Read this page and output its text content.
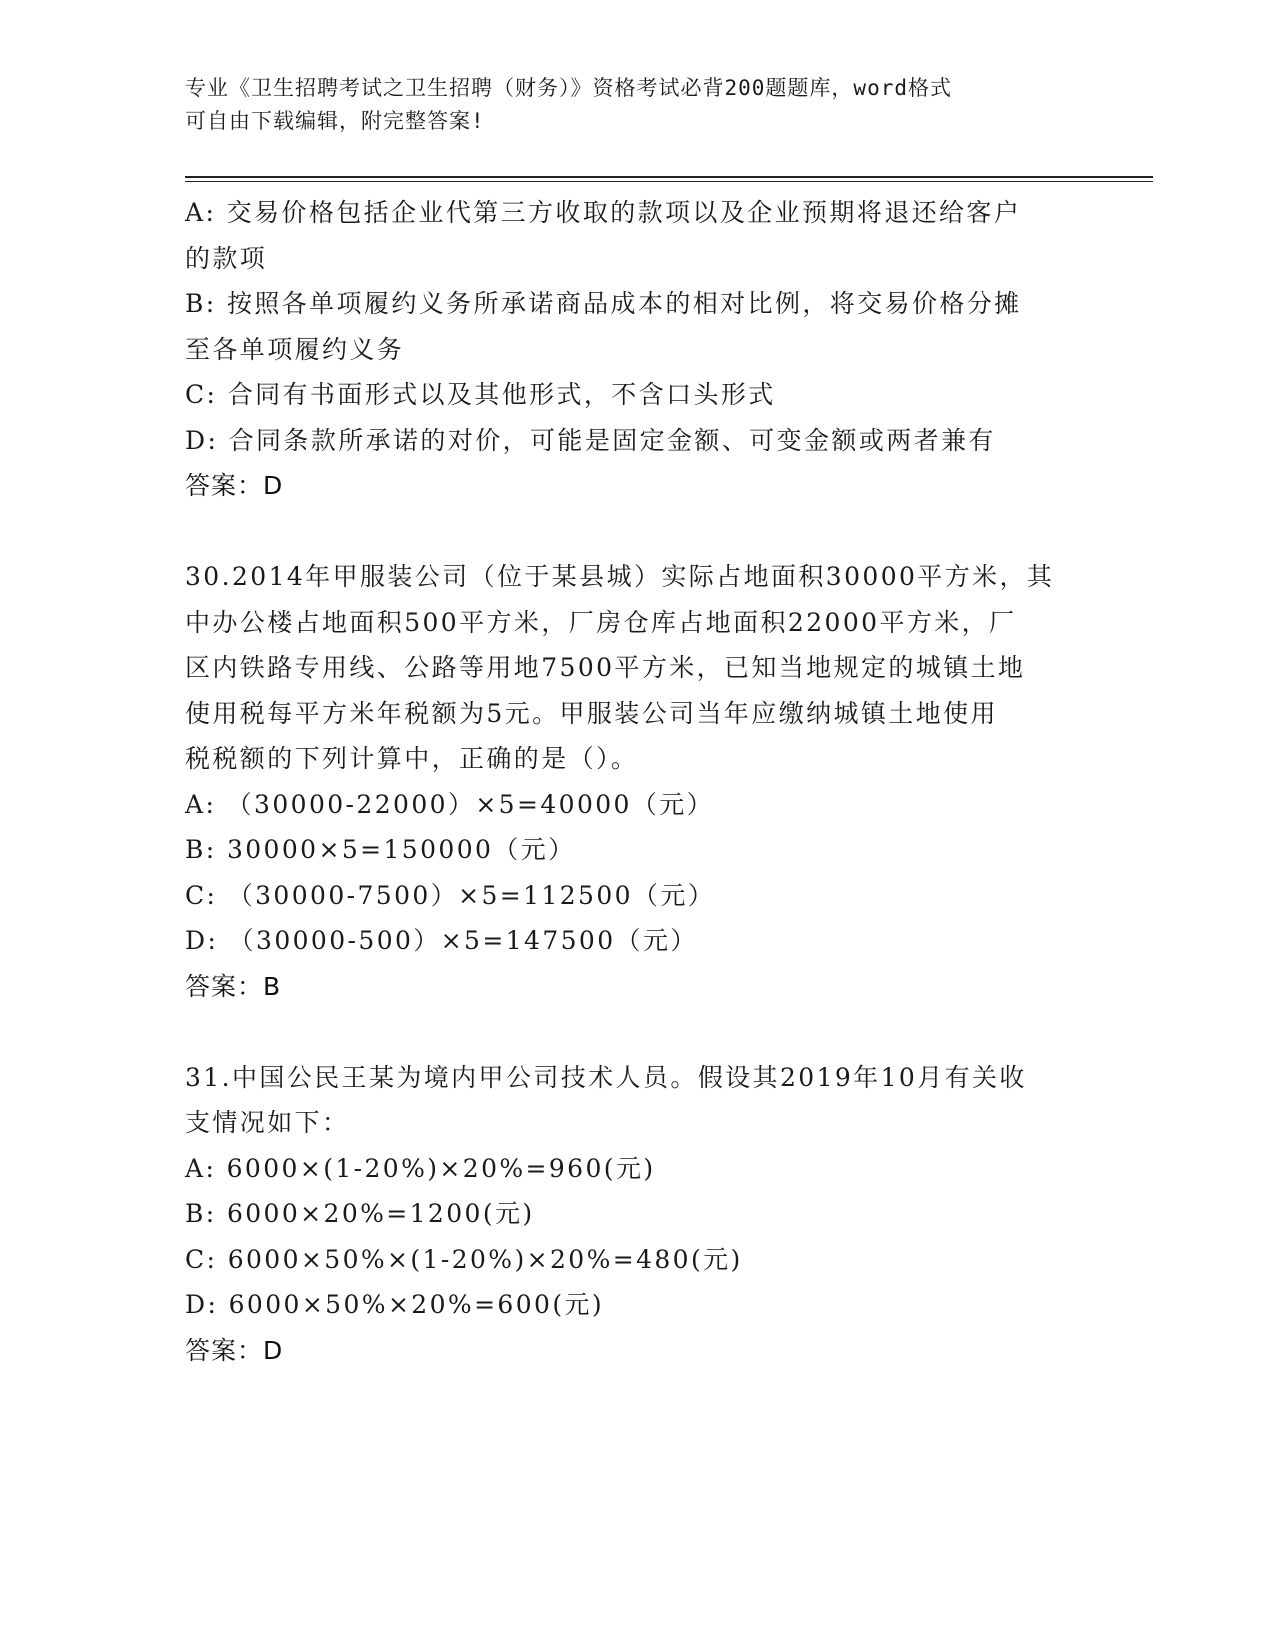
专业《卫生招聘考试之卫生招聘（财务）》资格考试必背200题题库，word格式
可自由下载编辑，附完整答案!
A: 交易价格包括企业代第三方收取的款项以及企业预期将退还给客户
的款项
B: 按照各单项履约义务所承诺商品成本的相对比例，将交易价格分摊
至各单项履约义务
C: 合同有书面形式以及其他形式，不含口头形式
D: 合同条款所承诺的对价，可能是固定金额、可变金额或两者兼有
答案：D
30.2014年甲服装公司（位于某县城）实际占地面积30000平方米，其
中办公楼占地面积500平方米，厂房仓库占地面积22000平方米，厂
区内铁路专用线、公路等用地7500平方米，已知当地规定的城镇土地
使用税每平方米年税额为5元。甲服装公司当年应缴纳城镇土地使用
税税额的下列计算中，正确的是（）。
A: （30000-22000）×5=40000（元）
B: 30000×5=150000（元）
C: （30000-7500）×5=112500（元）
D: （30000-500）×5=147500（元）
答案：B
31.中国公民王某为境内甲公司技术人员。假设其2019年10月有关收
支情况如下：
A: 6000×(1-20%)×20%=960(元)
B: 6000×20%=1200(元)
C: 6000×50%×(1-20%)×20%=480(元)
D: 6000×50%×20%=600(元)
答案：D
